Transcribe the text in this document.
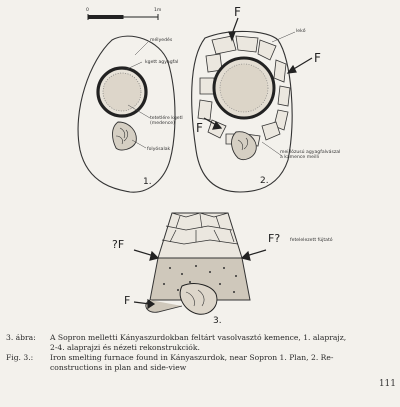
0	1m
mélyedés
kgett agyagfal
tetetlére kgetl (medence)
folyósalak
1.
F
lekő
F
F
meillózusú agyagfalvászal a kamence meilli
2.
?F	F? fetelelezett fújtató
F
3.
3. ábra: A Sopron melletti Kányaszurdokban feltárt vasolvasztó kemence, 1. alaprajz,
2-4. alaprajzi és nézeti rekonstrukciók.
Fig. 3.: Iron smelting furnace found in Kányaszurdok, near Sopron 1. Plan, 2. Re-
constructions in plan and side-view
111
